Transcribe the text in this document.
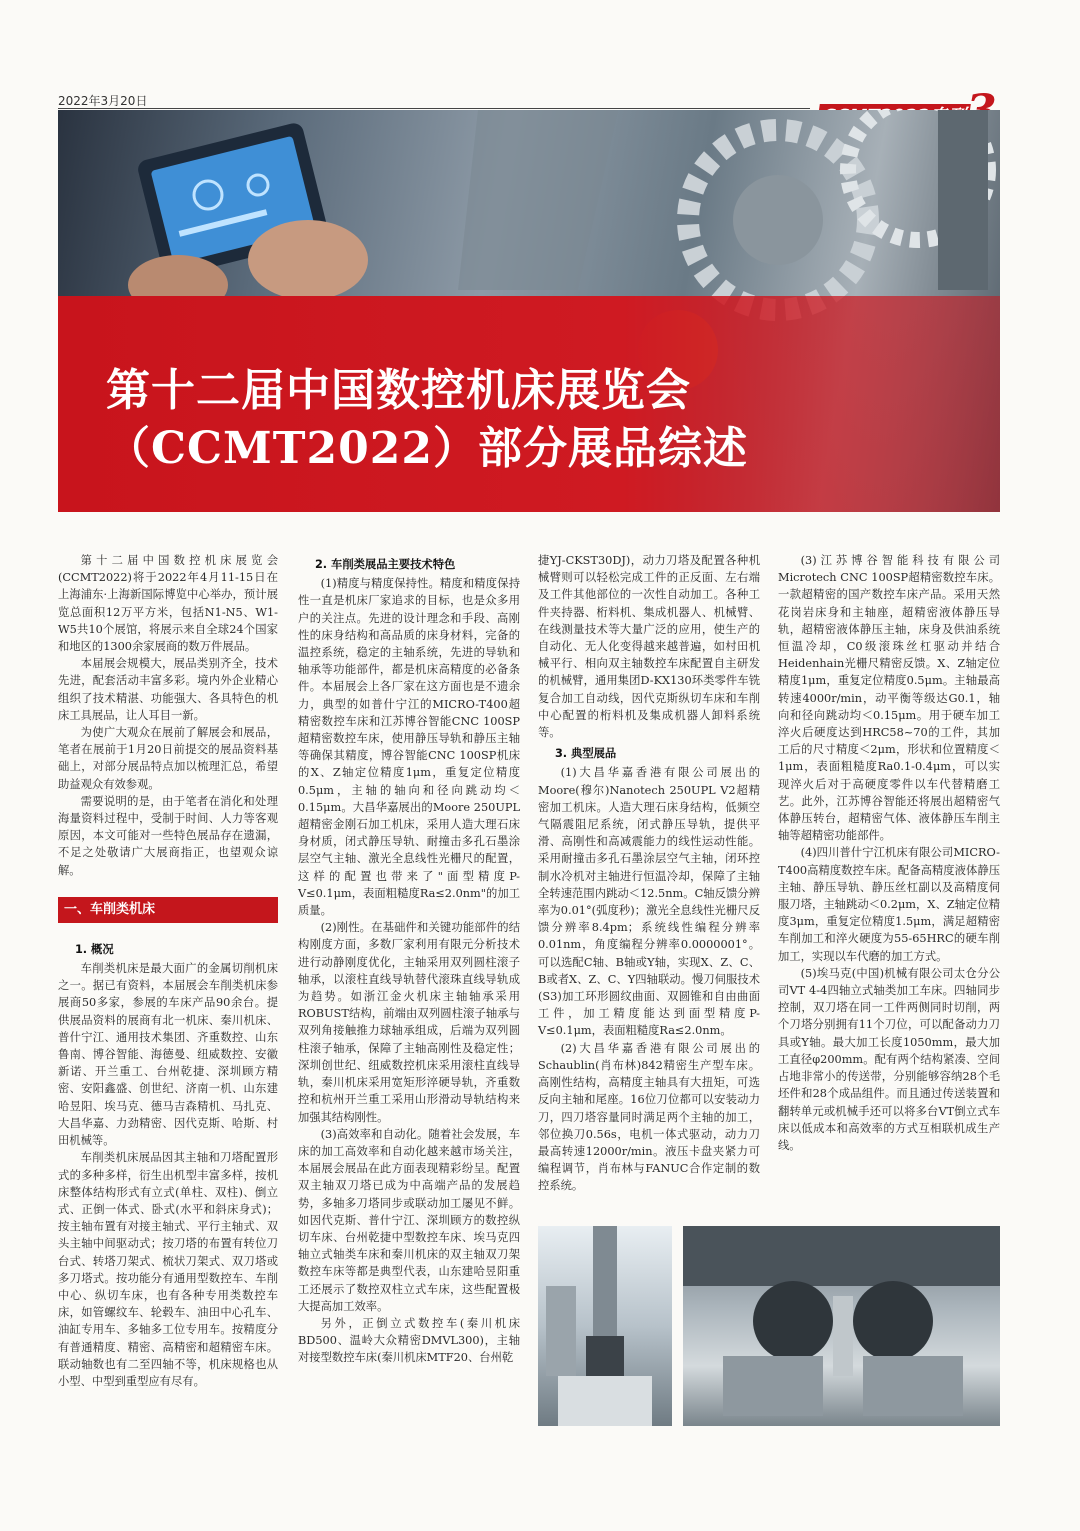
2022年3月20日
第十二届中国数控机床展览会
（CCMT2022）部分展品综述

第十二届中国数控机床展览会(CCMT2022)将于2022年4月11-15日在上海浦东·上海新国际博览中心举办，预计展览总面积12万平方米，包括N1-N5、W1-W5共10个展馆，将展示来自全球24个国家和地区的1300余家展商的数万件展品。

本届展会规模大，展品类别齐全，技术先进，配套活动丰富多彩。境内外企业精心组织了技术精湛、功能强大、各具特色的机床工具展品，让人耳目一新。

为使广大观众在展前了解展会和展品，笔者在展前于1月20日前提交的展品资料基础上，对部分展品特点加以梳理汇总，希望助益观众有效参观。

需要说明的是，由于笔者在消化和处理海量资料过程中，受制于时间、人力等客观原因，本文可能对一些特色展品存在遗漏，不足之处敬请广大展商指正，也望观众谅解。

一、车削类机床
1. 概况

车削类机床是最大面广的金属切削机床之一。据已有资料，本届展会车削类机床参展商50多家，参展的车床产品90余台。提供展品资料的展商有北一机床、秦川机床、普什宁江、通用技术集团、齐重数控、山东鲁南、博谷智能、海德曼、纽威数控、安徽新诺、开兰重工、台州乾捷、深圳顾方精密、安阳鑫盛、创世纪、济南一机、山东建哈昱阳、埃马克、德马吉森精机、马扎克、大昌华嘉、力劲精密、因代克斯、哈斯、村田机械等。

车削类机床展品因其主轴和刀塔配置形式的多种多样，衍生出机型丰富多样，按机床整体结构形式有立式(单柱、双柱)、倒立式、正倒一体式、卧式(水平和斜床身式)；按主轴布置有对接主轴式、平行主轴式、双头主轴中间驱动式；按刀塔的布置有转位刀台式、转塔刀架式、梳状刀架式、双刀塔或多刀塔式。按功能分有通用型数控车、车削中心、纵切车床，也有各种专用类数控车床，如管螺纹车、轮毂车、油田中心孔车、油缸专用车、多轴多工位专用车。按精度分有普通精度、精密、高精密和超精密车床。联动轴数也有二至四轴不等，机床规格也从小型、中型到重型应有尽有。

2. 车削类展品主要技术特色

(1)精度与精度保持性。精度和精度保持性一直是机床厂家追求的目标，也是众多用户的关注点。先进的设计理念和手段、高刚性的床身结构和高品质的床身材料，完备的温控系统，稳定的主轴系统，先进的导轨和轴承等功能部件，都是机床高精度的必备条件。本届展会上各厂家在这方面也是不遗余力，典型的如普什宁江的MICRO-T400超精密数控车床和江苏博谷智能CNC 100SP超精密数控车床，使用静压导轨和静压主轴等确保其精度，博谷智能CNC 100SP机床的X、Z轴定位精度1μm，重复定位精度0.5μm，主轴的轴向和径向跳动均＜0.15μm。大昌华嘉展出的Moore 250UPL超精密金刚石加工机床，采用人造大理石床身材质，闭式静压导轨、耐撞击多孔石墨涂层空气主轴、激光全息线性光栅尺的配置，这样的配置也带来了"面型精度P-V≤0.1μm，表面粗糙度Ra≤2.0nm"的加工质量。

(2)刚性。在基础件和关键功能部件的结构刚度方面，多数厂家利用有限元分析技术进行动静刚度优化，主轴采用双列圆柱滚子轴承，以滚柱直线导轨替代滚珠直线导轨成为趋势。如浙江金火机床主轴轴承采用ROBUST结构，前端由双列圆柱滚子轴承与双列角接触推力球轴承组成，后端为双列圆柱滚子轴承，保障了主轴高刚性及稳定性；深圳创世纪、纽威数控机床采用滚柱直线导轨，秦川机床采用宽矩形淬硬导轨，齐重数控和杭州开兰重工采用山形滑动导轨结构来加强其结构刚性。

(3)高效率和自动化。随着社会发展，车床的加工高效率和自动化越来越市场关注，本届展会展品在此方面表现精彩纷呈。配置双主轴双刀塔已成为中高端产品的发展趋势，多轴多刀塔同步或联动加工屡见不鲜。如因代克斯、普什宁江、深圳顾方的数控纵切车床、台州乾捷中型数控车床、埃马克四轴立式轴类车床和秦川机床的双主轴双刀架数控车床等都是典型代表，山东建哈昱阳重工还展示了数控双柱立式车床，这些配置极大提高加工效率。

另外，正倒立式数控车(秦川机床BD500、温岭大众精密DMVL300)，主轴对接型数控车床(秦川机床MTF20、台州乾

捷YJ-CKST30DJ)，动力刀塔及配置各种机械臂则可以轻松完成工件的正反面、左右端及工件其他部位的一次性自动加工。各种工件夹持器、桁料机、集成机器人、机械臂、在线测量技术等大量广泛的应用，使生产的自动化、无人化变得越来越普遍，如村田机械平行、相向双主轴数控车床配置自主研发的机械臂，通用集团D-KX130环类零件车铣复合加工自动线，因代克斯纵切车床和车削中心配置的桁料机及集成机器人卸料系统等。

3. 典型展品

(1)大昌华嘉香港有限公司展出的Moore(穆尔)Nanotech 250UPL V2超精密加工机床。人造大理石床身结构，低频空气隔震阻尼系统，闭式静压导轨，提供平滑、高刚性和高减震能力的线性运动性能。采用耐撞击多孔石墨涂层空气主轴，闭环控制水冷机对主轴进行恒温冷却，保障了主轴全转速范围内跳动＜12.5nm。C轴反馈分辨率为0.01°(弧度秒)；激光全息线性光栅尺反馈分辨率8.4pm；系统线性编程分辨率0.01nm，角度编程分辨率0.0000001°。可以选配C轴、B轴或Y轴，实现X、Z、C、B或者X、Z、C、Y四轴联动。慢刀伺服技术(S3)加工环形圆纹曲面、双圆锥和自由曲面工件，加工精度能达到面型精度P-V≤0.1μm，表面粗糙度Ra≤2.0nm。

(2)大昌华嘉香港有限公司展出的Schaublin(肖布林)842精密生产型车床。高刚性结构，高精度主轴具有大扭矩，可选反向主轴和尾座。16位刀位都可以安装动力刀，四刀塔容量同时满足两个主轴的加工，邻位换刀0.56s，电机一体式驱动，动力刀最高转速12000r/min。液压卡盘夹紧力可编程调节，肖布林与FANUC合作定制的数控系统。

(3)江苏博谷智能科技有限公司Microtech CNC 100SP超精密数控车床。一款超精密的国产数控车床产品。采用天然花岗岩床身和主轴座，超精密液体静压导轨，超精密液体静压主轴，床身及供油系统恒温冷却，C0级滚珠丝杠驱动并结合Heidenhain光栅尺精密反馈。X、Z轴定位精度1μm，重复定位精度0.5μm。主轴最高转速4000r/min，动平衡等级达G0.1，轴向和径向跳动均＜0.15μm。用于硬车加工淬火后硬度达到HRC58~70的工件，其加工后的尺寸精度＜2μm，形状和位置精度＜1μm，表面粗糙度Ra0.1-0.4μm，可以实现淬火后对于高硬度零件以车代替精磨工艺。此外，江苏博谷智能还将展出超精密气体静压转台，超精密气体、液体静压车削主轴等超精密功能部件。

(4)四川普什宁江机床有限公司MICRO-T400高精度数控车床。配备高精度液体静压主轴、静压导轨、静压丝杠副以及高精度伺服刀塔，主轴跳动＜0.2μm，X、Z轴定位精度3μm，重复定位精度1.5μm，满足超精密车削加工和淬火硬度为55-65HRC的硬车削加工，实现以车代磨的加工方式。

(5)埃马克(中国)机械有限公司太仓分公司VT 4-4四轴立式轴类加工车床。四轴同步控制，双刀塔在同一工件两侧同时切削，两个刀塔分别拥有11个刀位，可以配备动力刀具或Y轴。最大加工长度1050mm，最大加工直径φ200mm。配有两个结构紧凑、空间占地非常小的传送带，分别能够容纳28个毛坯件和28个成品组件。而且通过传送装置和翻转单元或机械手还可以将多台VT倒立式车床以低成本和高效率的方式互相联机成生产线。
